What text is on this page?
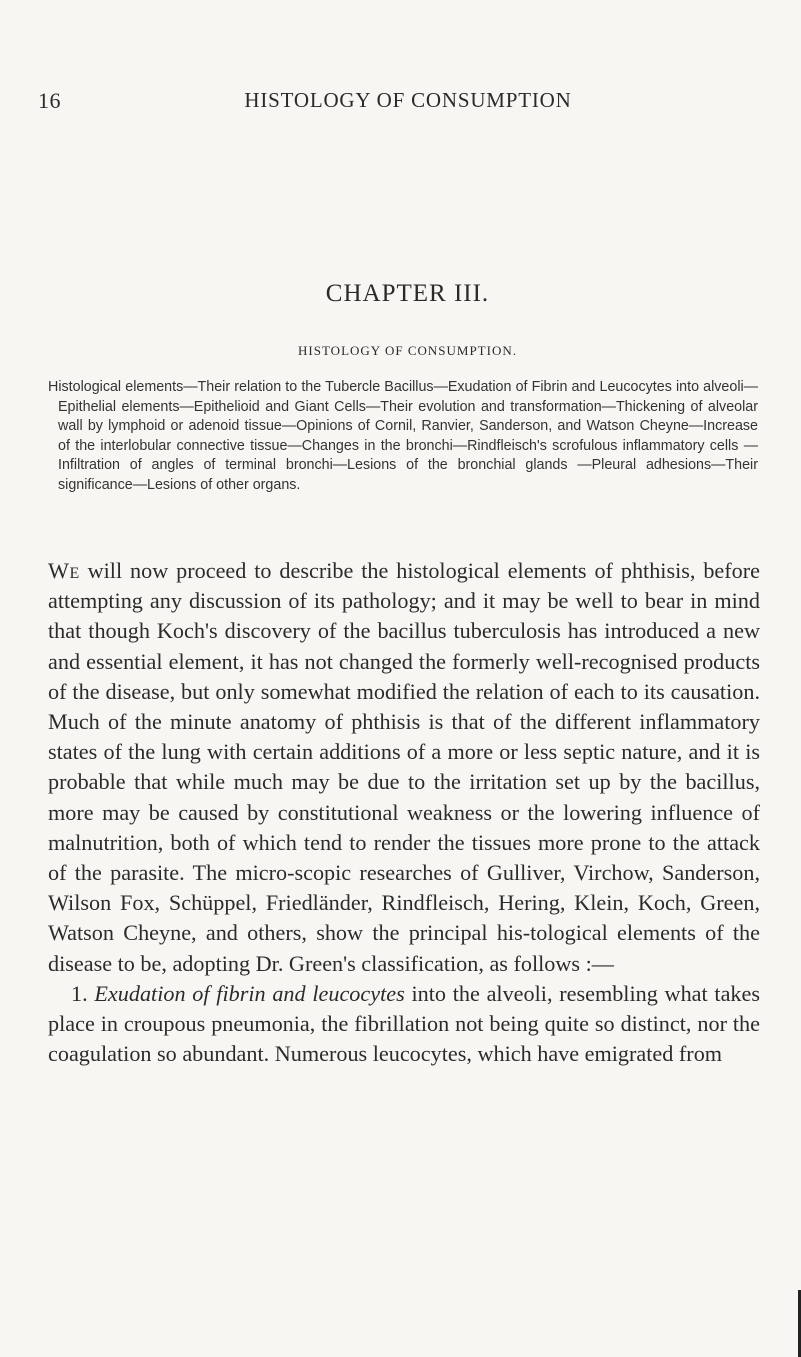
16	HISTOLOGY OF CONSUMPTION
CHAPTER III.
HISTOLOGY OF CONSUMPTION.
Histological elements—Their relation to the Tubercle Bacillus—Exudation of Fibrin and Leucocytes into alveoli—Epithelial elements—Epithelioid and Giant Cells—Their evolution and transformation—Thickening of alveolar wall by lymphoid or adenoid tissue—Opinions of Cornil, Ranvier, Sanderson, and Watson Cheyne—Increase of the interlobular connective tissue—Changes in the bronchi—Rindfleisch's scrofulous inflammatory cells —Infiltration of angles of terminal bronchi—Lesions of the bronchial glands —Pleural adhesions—Their significance—Lesions of other organs.

We will now proceed to describe the histological elements of phthisis, before attempting any discussion of its pathology; and it may be well to bear in mind that though Koch's discovery of the bacillus tuberculosis has introduced a new and essential element, it has not changed the formerly well-recognised products of the disease, but only somewhat modified the relation of each to its causation. Much of the minute anatomy of phthisis is that of the different inflammatory states of the lung with certain additions of a more or less septic nature, and it is probable that while much may be due to the irritation set up by the bacillus, more may be caused by constitutional weakness or the lowering influence of malnutrition, both of which tend to render the tissues more prone to the attack of the parasite. The micro-scopic researches of Gulliver, Virchow, Sanderson, Wilson Fox, Schüppel, Friedländer, Rindfleisch, Hering, Klein, Koch, Green, Watson Cheyne, and others, show the principal his-tological elements of the disease to be, adopting Dr. Green's classification, as follows :—

1. Exudation of fibrin and leucocytes into the alveoli, resembling what takes place in croupous pneumonia, the fibrillation not being quite so distinct, nor the coagulation so abundant. Numerous leucocytes, which have emigrated from
